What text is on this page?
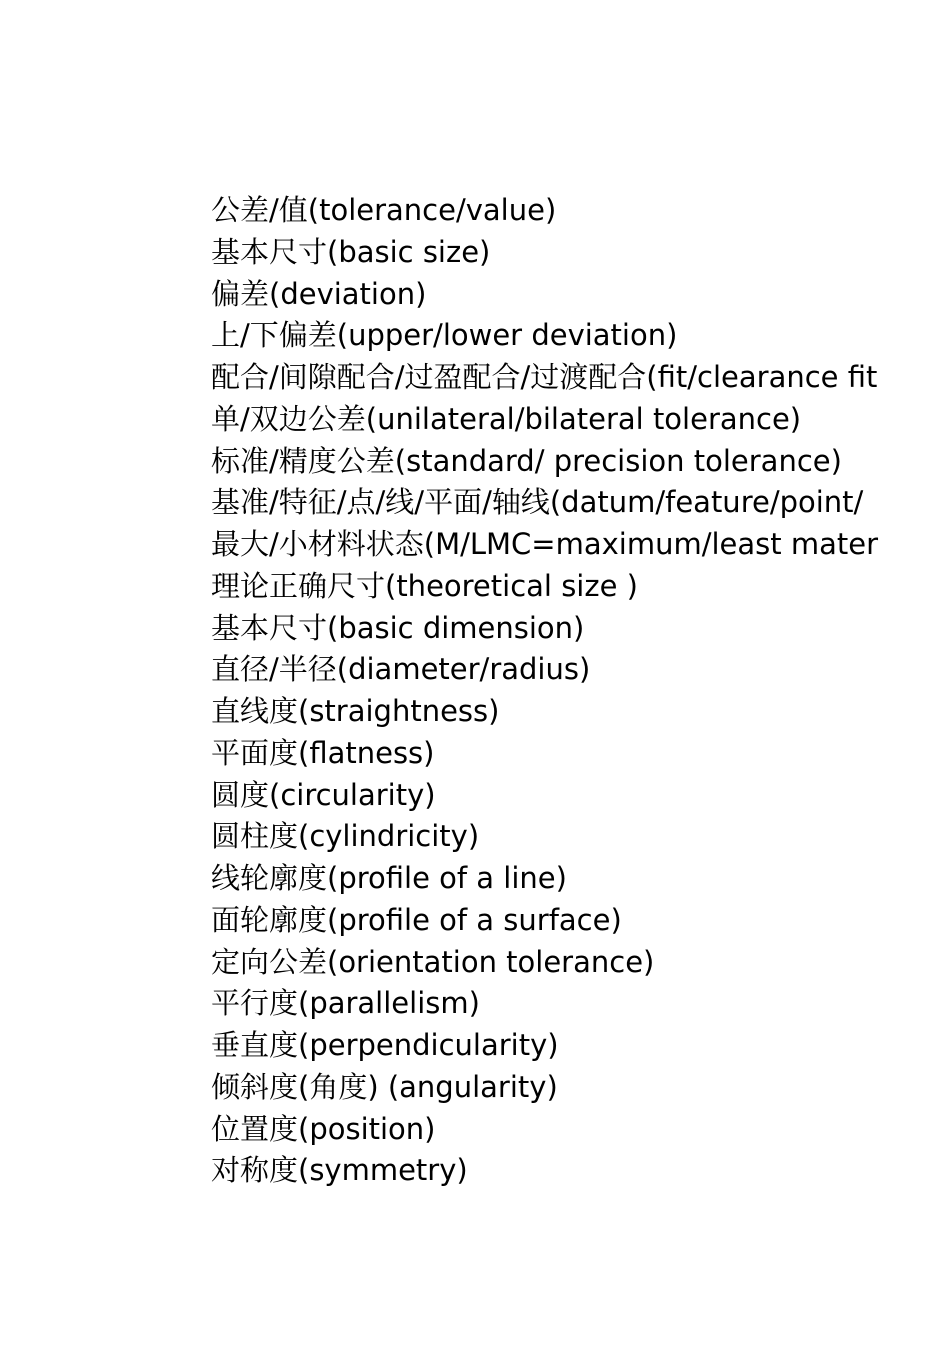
公差/值(tolerance/value)
基本尺寸(basic size)
偏差(deviation)
上/下偏差(upper/lower deviation)
配合/间隙配合/过盈配合/过渡配合(fit/clearance fit
单/双边公差(unilateral/bilateral tolerance)
标准/精度公差(standard/ precision tolerance)
基准/特征/点/线/平面/轴线(datum/feature/point/
最大/小材料状态(M/LMC=maximum/least mater
理论正确尺寸(theoretical size )
基本尺寸(basic dimension)
直径/半径(diameter/radius)
直线度(straightness)
平面度(flatness)
圆度(circularity)
圆柱度(cylindricity)
线轮廓度(profile of a line)
面轮廓度(profile of a surface)
定向公差(orientation tolerance)
平行度(parallelism)
垂直度(perpendicularity)
倾斜度(角度) (angularity)
位置度(position)
对称度(symmetry)
